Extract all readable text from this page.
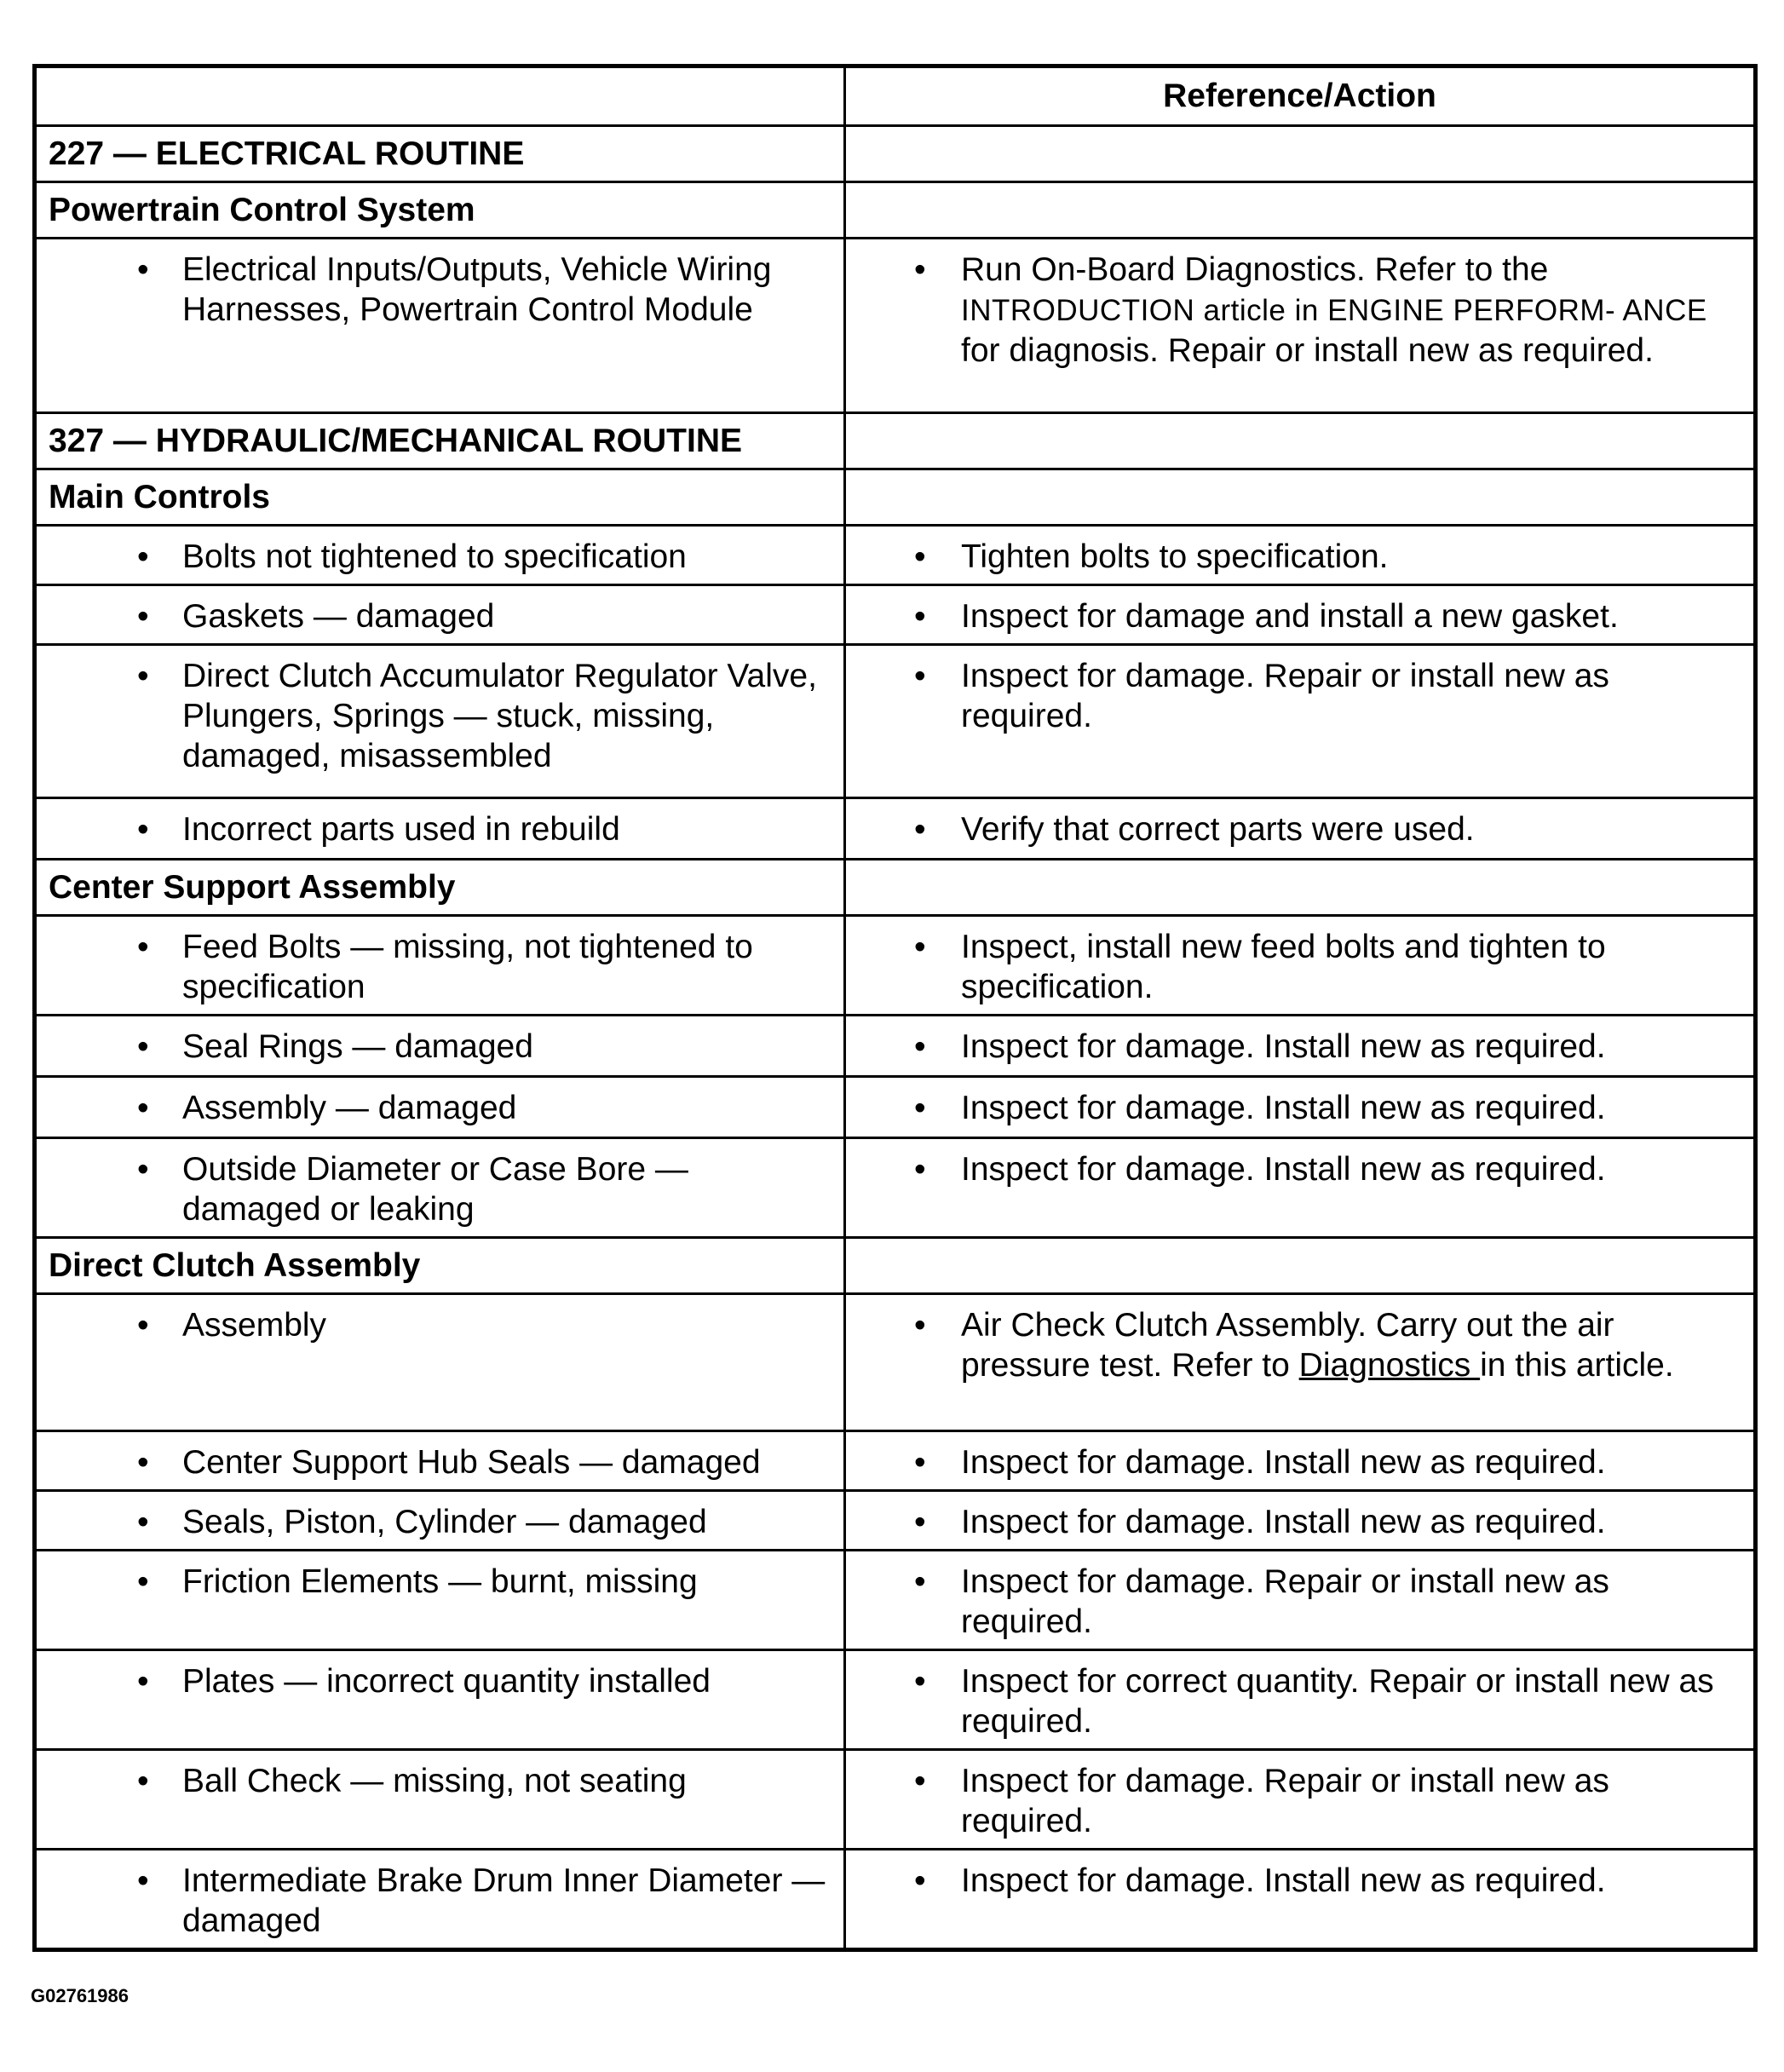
	Reference/Action
227 — ELECTRICAL ROUTINE	
Powertrain Control System	

• Electrical Inputs/Outputs, Vehicle Wiring Harnesses, Powertrain Control Module	• Run On-Board Diagnostics. Refer to the INTRODUCTION article in ENGINE PERFORM- ANCE for diagnosis. Repair or install new as required.

327 — HYDRAULIC/MECHANICAL ROUTINE	
Main Controls	

• Bolts not tightened to specification	• Tighten bolts to specification.

• Gaskets — damaged	• Inspect for damage and install a new gasket.

• Direct Clutch Accumulator Regulator Valve, Plungers, Springs — stuck, missing, damaged, misassembled	• Inspect for damage. Repair or install new as required.

• Incorrect parts used in rebuild	• Verify that correct parts were used.

Center Support Assembly	

• Feed Bolts — missing, not tightened to specification	• Inspect, install new feed bolts and tighten to specification.

• Seal Rings — damaged	• Inspect for damage. Install new as required.

• Assembly — damaged	• Inspect for damage. Install new as required.

• Outside Diameter or Case Bore — damaged or leaking	• Inspect for damage. Install new as required.

Direct Clutch Assembly	

• Assembly	• Air Check Clutch Assembly. Carry out the air pressure test. Refer to Diagnostics in this article.

• Center Support Hub Seals — damaged	• Inspect for damage. Install new as required.

• Seals, Piston, Cylinder — damaged	• Inspect for damage. Install new as required.

• Friction Elements — burnt, missing	• Inspect for damage. Repair or install new as required.

• Plates — incorrect quantity installed	• Inspect for correct quantity. Repair or install new as required.

• Ball Check — missing, not seating	• Inspect for damage. Repair or install new as required.

• Intermediate Brake Drum Inner Diameter — damaged	• Inspect for damage. Install new as required.
G02761986
